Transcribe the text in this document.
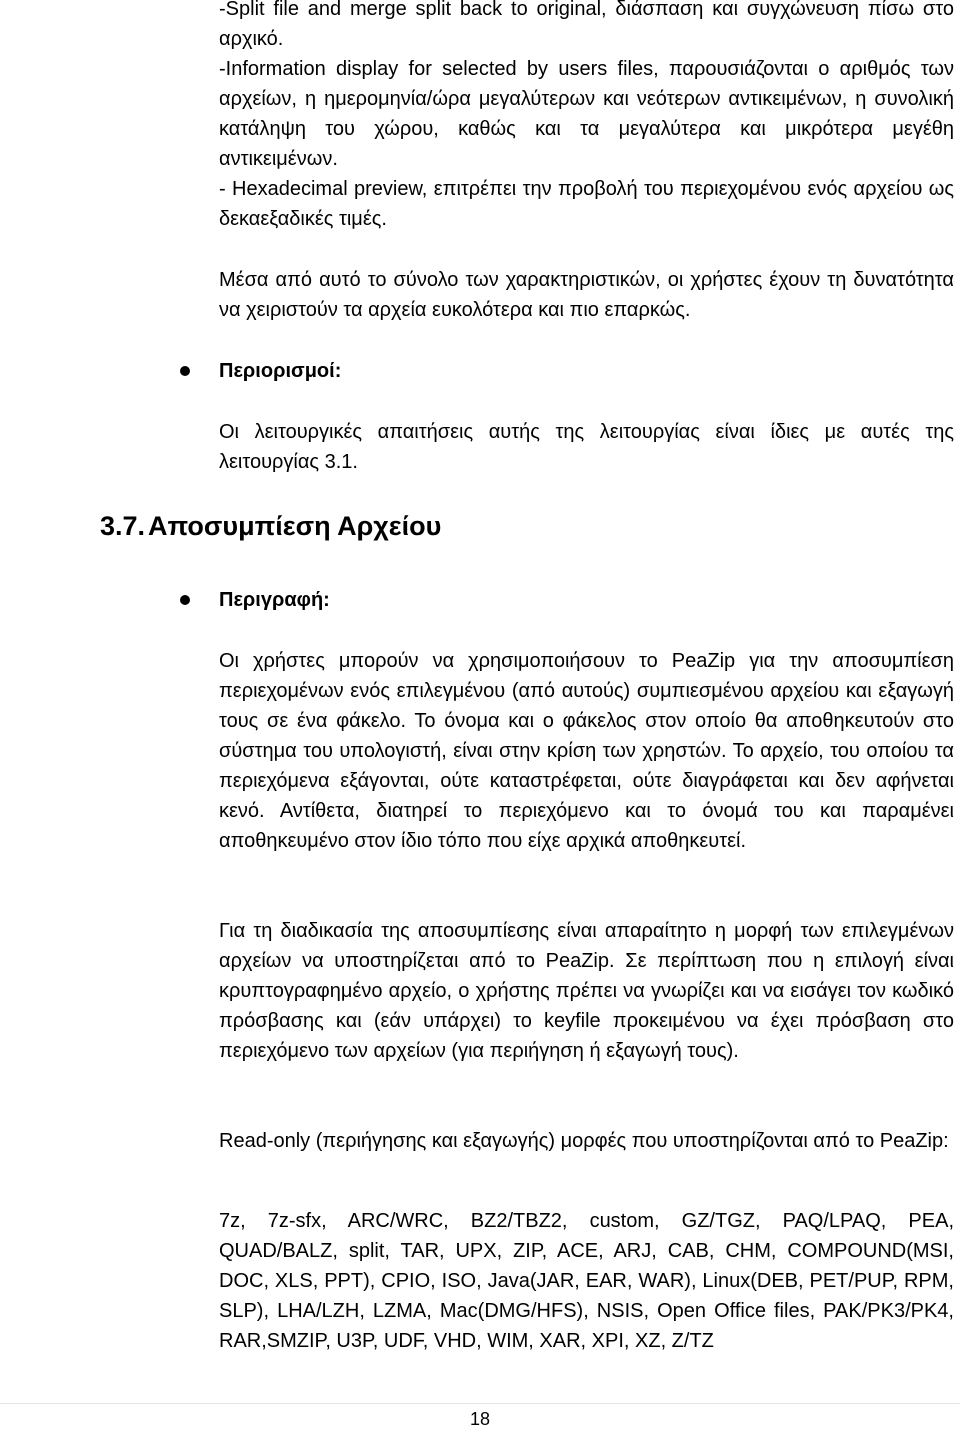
-Split file and merge split back to original, διάσπαση και συγχώνευση πίσω στο αρχικό.

-Information display for selected by users files, παρουσιάζονται ο αριθμός των αρχείων, η ημερομηνία/ώρα μεγαλύτερων και νεότερων αντικειμένων, η συνολική κατάληψη του χώρου, καθώς και τα μεγαλύτερα και μικρότερα μεγέθη αντικειμένων.

- Hexadecimal preview, επιτρέπει την προβολή του περιεχομένου ενός αρχείου ως δεκαεξαδικές τιμές.

Μέσα από αυτό το σύνολο των χαρακτηριστικών, οι χρήστες έχουν τη δυνατότητα να χειριστούν τα αρχεία ευκολότερα και πιο επαρκώς.

Περιορισμοί:

Οι λειτουργικές απαιτήσεις αυτής της λειτουργίας είναι ίδιες με αυτές της λειτουργίας 3.1.

3.7. Αποσυμπίεση Αρχείου
Περιγραφή:

Οι χρήστες μπορούν να χρησιμοποιήσουν το PeaZip για την αποσυμπίεση περιεχομένων ενός επιλεγμένου (από αυτούς) συμπιεσμένου αρχείου και εξαγωγή τους σε ένα φάκελο. Το όνομα και ο φάκελος στον οποίο θα αποθηκευτούν στο σύστημα του υπολογιστή, είναι στην κρίση των χρηστών. Το αρχείο, του οποίου τα περιεχόμενα εξάγονται, ούτε καταστρέφεται, ούτε διαγράφεται και δεν αφήνεται κενό. Αντίθετα, διατηρεί το περιεχόμενο και το όνομά του και παραμένει αποθηκευμένο στον ίδιο τόπο που είχε αρχικά αποθηκευτεί.

Για τη διαδικασία της αποσυμπίεσης είναι απαραίτητο η μορφή των επιλεγμένων αρχείων να υποστηρίζεται από το PeaZip. Σε περίπτωση που η επιλογή είναι κρυπτογραφημένο αρχείο, ο χρήστης πρέπει να γνωρίζει και να εισάγει τον κωδικό πρόσβασης και (εάν υπάρχει) το keyfile προκειμένου να έχει πρόσβαση στο περιεχόμενο των αρχείων (για περιήγηση ή εξαγωγή τους).

Read-only (περιήγησης και εξαγωγής) μορφές που υποστηρίζονται από το PeaZip:

7z, 7z-sfx, ARC/WRC, BZ2/TBZ2, custom, GZ/TGZ, PAQ/LPAQ, PEA, QUAD/BALZ, split, TAR, UPX, ZIP, ACE, ARJ, CAB, CHM, COMPOUND(MSI, DOC, XLS, PPT), CPIO, ISO, Java(JAR, EAR, WAR), Linux(DEB, PET/PUP, RPM, SLP), LHA/LZH, LZMA, Mac(DMG/HFS), NSIS, Open Office files, PAK/PK3/PK4, RAR,SMZIP, U3P, UDF, VHD, WIM, XAR, XPI, XZ, Z/TZ

18
